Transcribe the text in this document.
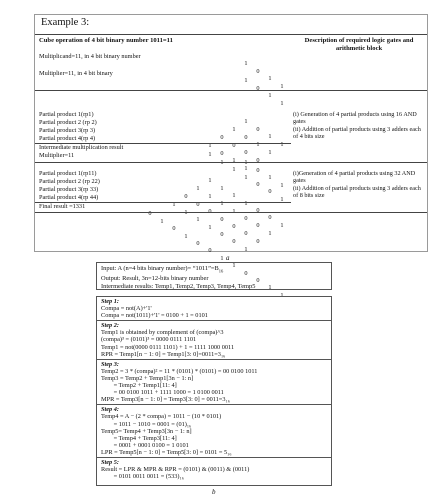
Example 3:
Cube operation of 4 bit binary number 1011=11	Description of required logic gates and arithmetic block
Multiplicand=11, in 4 bit binary number

1

0

1

1

Multiplier=11, in 4 bit binary

1

0

1

1

Partial product 1(rp1)

1

0

1

1

Partial product 2 (rp 2)

1

0

1

1

Partial product 3(rp 3)

0

0

0

0

Partial product 4(rp 4)

1

0

1

1

Intermediate multiplication result

1

1

1

1

0

0

1

Multiplier=11

1

0

1

1

(i) Generation of 4 partial products using 16 AND gates
(ii) Addition of partial products using 3 adders each of 4 bits size
Partial product 1(rp11)

1

1

1

1

0

0

1

Partial product 2 (rp 22)

1

1

1

1

0

0

1

Partial product 3(rp 33)

0

0

0

0

0

0

0

Partial product 4(rp 44)

1

1

1

1

0

0

1

Final result =1331

0

1

0

1

0

0

1

1

0

0

1

1

(i)Generation of 4 partial products using 32 AND gates
(ii) Addition of partial products using 3 adders each of 8 bits size
a
Input: A (n=4 bits binary number)= “$1011”=B_{16}$
Output: Result, 3n=12-bits binary number
Intermediate results: Temp1, Temp2, Temp3, Temp4, Temp5
Step 1:
Compa = not(A)+'1'
Compa = not(1011)+'1' = 0100 + 1 = 0101
Step 2:
Temp1 is obtained by complement of (compa)^3
(compa)³ = (0101)³ = 0000 0111 1101
Temp1 = not(0000 0111 1101) + 1 = 1111 1000 0011
RPR = Temp1[n − 1: 0] = Temp1[3: 0]=0011=3₁₆
Step 3:
Temp2 = 3 * (compa)² = 11 * (0101) * (0101) = 00 0100 1011
Temp3 = Temp2 + Temp1[3n − 1: n]
= Temp2 + Temp1[11: 4]
= 00 0100 1011 + 1111 1000 = 1 0100 0011
MPR = Temp3[n − 1: 0] = Temp3[3: 0] = 0011=3₁₆
Step 4:
Temp4 = A − (2 * compa) = 1011 − (10 * 0101)
= 1011 − 1010 = 0001 = (01)₁₆
Temp5= Temp4 + Temp3[3n − 1: n]
= Temp4 + Temp3[11: 4]
= 0001 + 0001 0100 = 1 0101
LPR = Temp5[n − 1: 0] = Temp5[3: 0] = 0101 = 5₁₆
Step 5:
Result = LPR & MPR & RPR = (0101) & (0011) & (0011)
= 0101 0011 0011 = (533)₁₆
b
